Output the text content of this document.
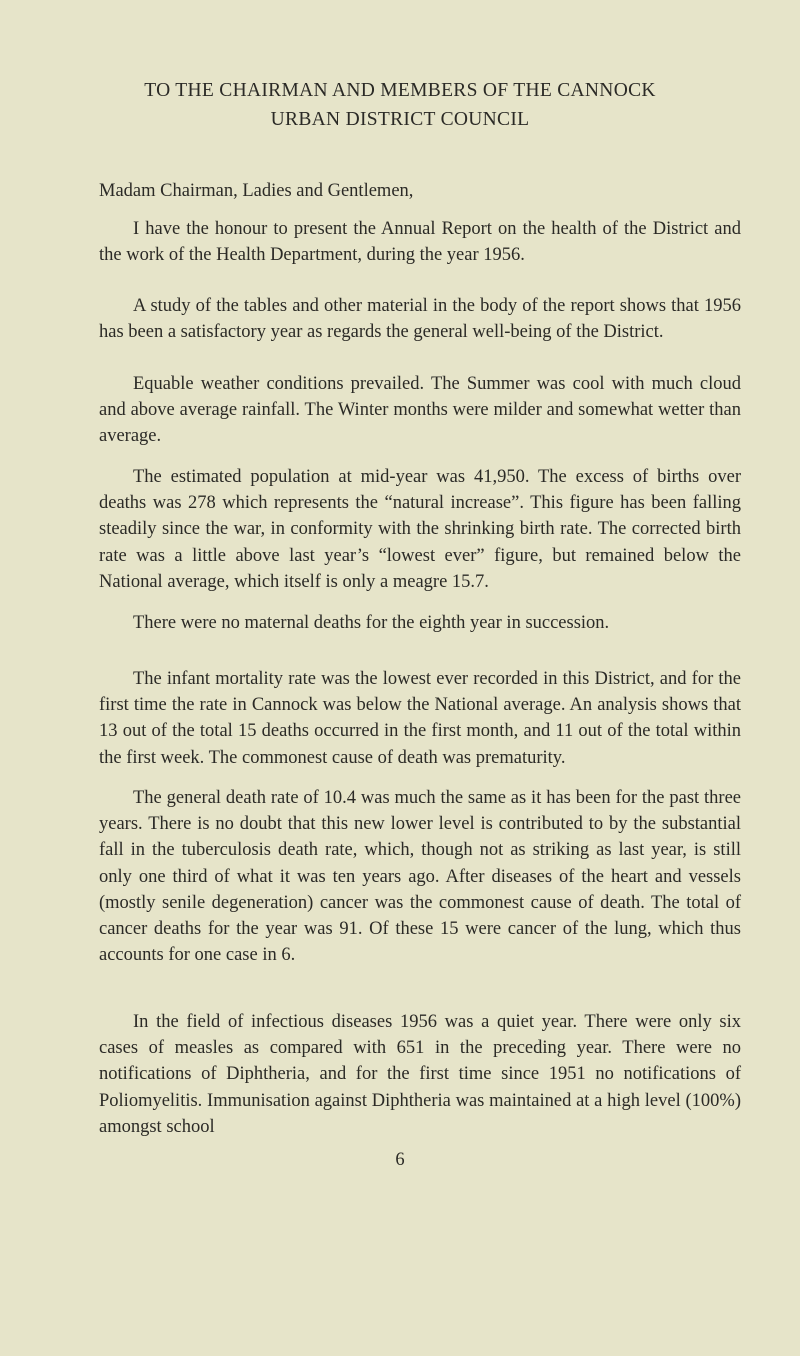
TO THE CHAIRMAN AND MEMBERS OF THE CANNOCK
URBAN DISTRICT COUNCIL

Madam Chairman, Ladies and Gentlemen,

I have the honour to present the Annual Report on the health of the District and the work of the Health Department, during the year 1956.

A study of the tables and other material in the body of the report shows that 1956 has been a satisfactory year as regards the general well-being of the District.

Equable weather conditions prevailed. The Summer was cool with much cloud and above average rainfall. The Winter months were milder and somewhat wetter than average.

The estimated population at mid-year was 41,950. The excess of births over deaths was 278 which represents the “natural increase”. This figure has been falling steadily since the war, in conformity with the shrinking birth rate. The corrected birth rate was a little above last year’s “lowest ever” figure, but remained below the National average, which itself is only a meagre 15.7.

There were no maternal deaths for the eighth year in succession.

The infant mortality rate was the lowest ever recorded in this District, and for the first time the rate in Cannock was below the National average. An analysis shows that 13 out of the total 15 deaths occurred in the first month, and 11 out of the total within the first week. The commonest cause of death was prematurity.

The general death rate of 10.4 was much the same as it has been for the past three years. There is no doubt that this new lower level is contributed to by the substantial fall in the tuberculosis death rate, which, though not as striking as last year, is still only one third of what it was ten years ago. After diseases of the heart and vessels (mostly senile degeneration) cancer was the commonest cause of death. The total of cancer deaths for the year was 91. Of these 15 were cancer of the lung, which thus accounts for one case in 6.

In the field of infectious diseases 1956 was a quiet year. There were only six cases of measles as compared with 651 in the preceding year. There were no notifications of Diphtheria, and for the first time since 1951 no notifications of Poliomyelitis. Immunisation against Diphtheria was maintained at a high level (100%) amongst school

6
